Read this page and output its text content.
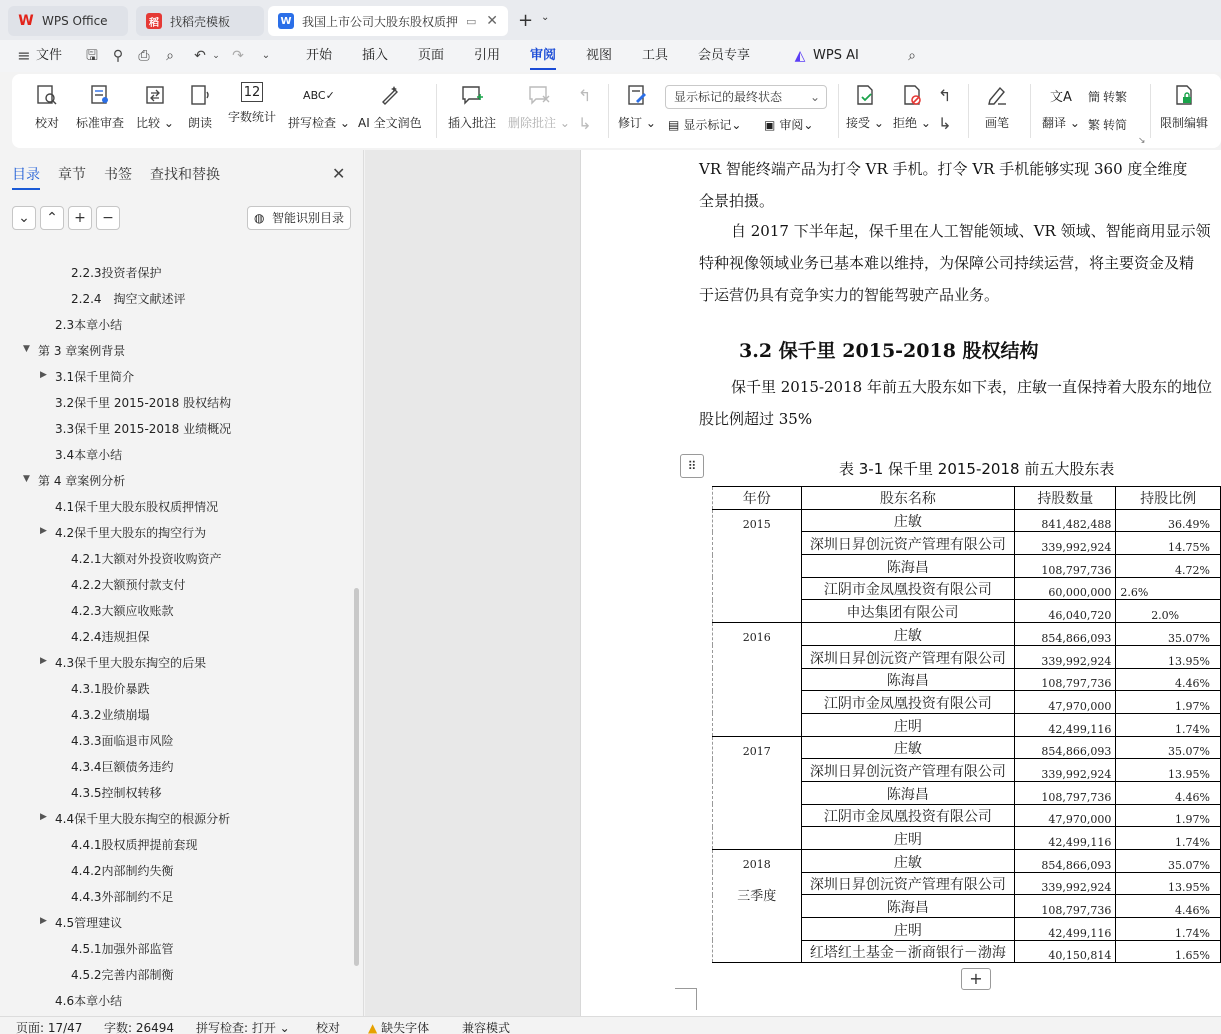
W WPS Office	稻 找稻壳模板	W 我国上市公司大股东股权质押 ▭ ✕ + ⌄
≡ 文件 🖫 ⚲ ⎙ ⌕ ↶ ⌄ ↷	⌄	开始 插入 页面 引用 审阅 视图 工具 会员专享	◭ WPS AI	⌕
校对 标准审查 比较 ⌄ 朗读
12
字数统计
ABC✓
拼写检查 ⌄ AI 全文润色 插入批注 删除批注 ⌄
↰
↳ 修订 ⌄
显示标记的最终状态 ⌄
▤ 显示标记 ⌄ ▣ 审阅 ⌄	接受 ⌄ 拒绝 ⌄
↰
↳	画笔
文A
翻译 ⌄
簡 转繁
繁 转简
↘
限制编辑
目录 章节 书签 查找和替换	✕
⌄	⌃	+	−	◍ 智能识别目录
2.2.3投资者保护
2.2.4　掏空文献述评
2.3本章小结
第 3 章案例背景
▼
3.1保千里简介
▶
3.2保千里 2015-2018 股权结构
3.3保千里 2015-2018 业绩概况
3.4本章小结
第 4 章案例分析
▼
4.1保千里大股东股权质押情况
4.2保千里大股东的掏空行为
▶
4.2.1大额对外投资收购资产
4.2.2大额预付款支付
4.2.3大额应收账款
4.2.4违规担保
4.3保千里大股东掏空的后果
▶
4.3.1股价暴跌
4.3.2业绩崩塌
4.3.3面临退市风险
4.3.4巨额债务违约
4.3.5控制权转移
4.4保千里大股东掏空的根源分析
▶
4.4.1股权质押提前套现
4.4.2内部制约失衡
4.4.3外部制约不足
4.5管理建议
▶
4.5.1加强外部监管
4.5.2完善内部制衡
4.6本章小结
VR 智能终端产品为打令 VR 手机。打令 VR 手机能够实现 360 度全维度
全景拍摄。
自 2017 下半年起，保千里在人工智能领域、VR 领域、智能商用显示领
特种视像领域业务已基本难以维持，为保障公司持续运营，将主要资金及精
于运营仍具有竞争实力的智能驾驶产品业务。
3.2 保千里 2015-2018 股权结构
保千里 2015-2018 年前五大股东如下表，庄敏一直保持着大股东的地位
股比例超过 35%
⠿	表 3-1 保千里 2015-2018 前五大股东表
年份	股东名称	持股数量	持股比例

2015	庄敏	841,482,488	36.49%
	深圳日昇创沅资产管理有限公司	339,992,924	14.75%
	陈海昌	108,797,736	4.72%
	江阴市金凤凰投资有限公司	60,000,000	2.6%
	申达集团有限公司	46,040,720	2.0%

2016	庄敏	854,866,093	35.07%
	深圳日昇创沅资产管理有限公司	339,992,924	13.95%
	陈海昌	108,797,736	4.46%
	江阴市金凤凰投资有限公司	47,970,000	1.97%
	庄明	42,499,116	1.74%

2017	庄敏	854,866,093	35.07%
	深圳日昇创沅资产管理有限公司	339,992,924	13.95%
	陈海昌	108,797,736	4.46%
	江阴市金凤凰投资有限公司	47,970,000	1.97%
	庄明	42,499,116	1.74%

2018
三季度	庄敏	854,866,093	35.07%
	深圳日昇创沅资产管理有限公司	339,992,924	13.95%
	陈海昌	108,797,736	4.46%
	庄明	42,499,116	1.74%
	红塔红土基金－浙商银行－渤海	40,150,814	1.65%
+
页面: 17/47 字数: 26494 拼写检查: 打开 ⌄ 校对 ▲ 缺失字体	兼容模式
